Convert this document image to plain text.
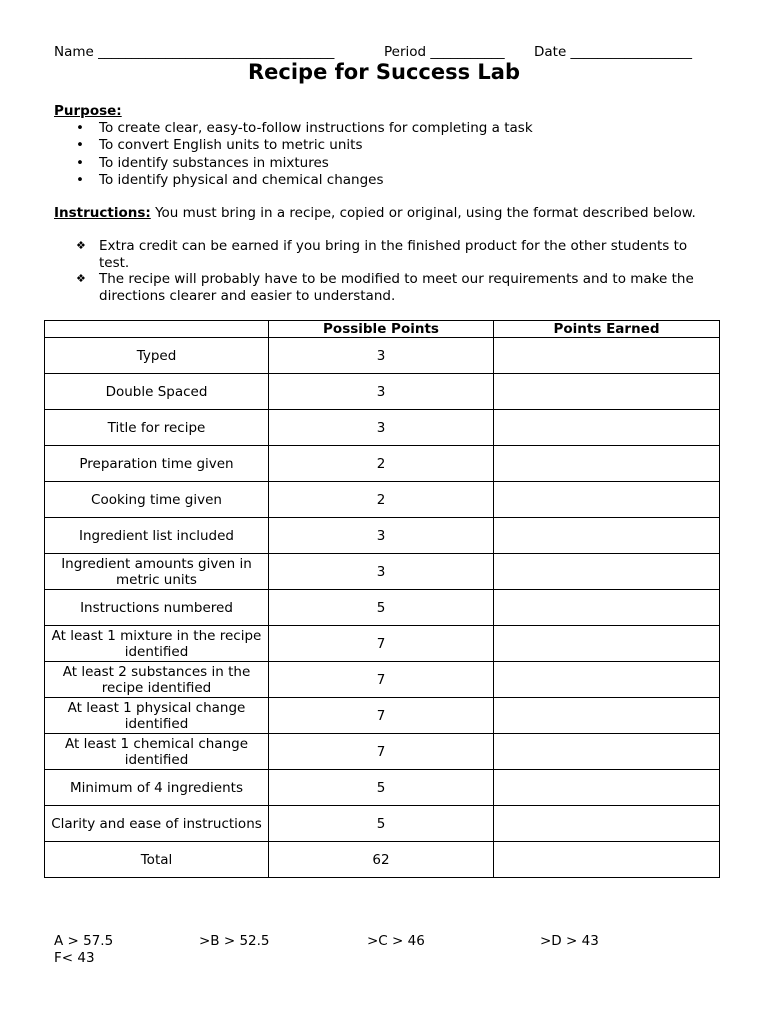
Name ___________________________________	Period ___________ Date __________________
Recipe for Success Lab
Purpose:
• To create clear, easy-to-follow instructions for completing a task
• To convert English units to metric units
• To identify substances in mixtures
• To identify physical and chemical changes
Instructions: You must bring in a recipe, copied or original, using the format described below.
❖ Extra credit can be earned if you bring in the finished product for the other students to test.
❖ The recipe will probably have to be modified to meet our requirements and to make the directions clearer and easier to understand.
	Possible Points	Points Earned
Typed	3	
Double Spaced	3	
Title for recipe	3	
Preparation time given	2	
Cooking time given	2	
Ingredient list included	3	
Ingredient amounts given in metric units	3	
Instructions numbered	5	
At least 1 mixture in the recipe identified	7	
At least 2 substances in the recipe identified	7	
At least 1 physical change identified	7	
At least 1 chemical change identified	7	
Minimum of 4 ingredients	5	
Clarity and ease of instructions	5	
Total	62	
A > 57.5	>B > 52.5	>C > 46	>D > 43
F< 43
